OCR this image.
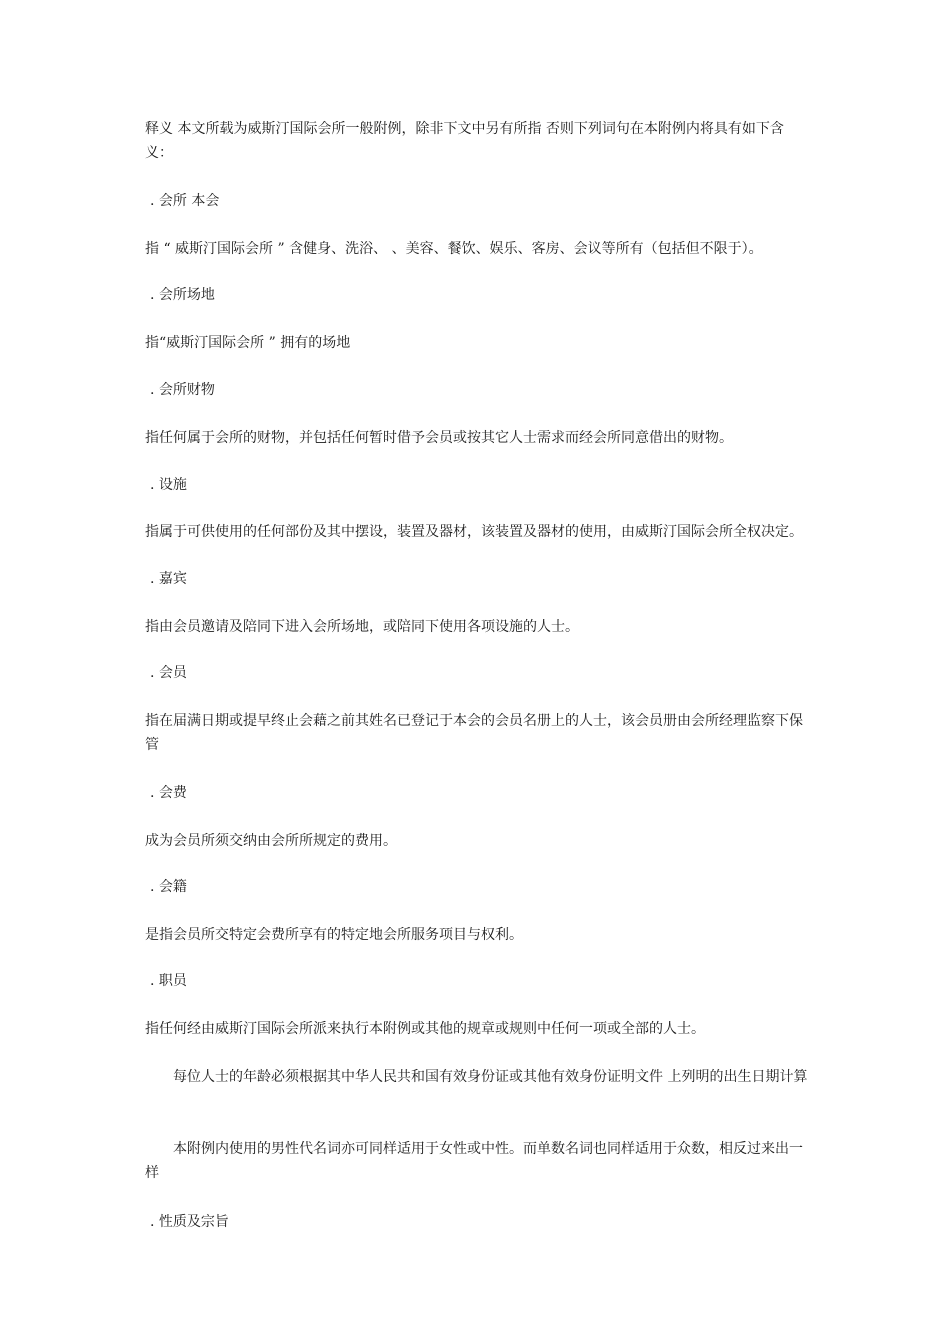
释义 本文所载为威斯汀国际会所一般附例，除非下文中另有所指 否则下列词句在本附例内将具有如下含义：
. 会所 本会
指 “ 威斯汀国际会所 ” 含健身、洗浴、 、美容、餐饮、娱乐、客房、会议等所有（包括但不限于）。
. 会所场地
指“威斯汀国际会所 ” 拥有的场地
. 会所财物
指任何属于会所的财物，并包括任何暂时借予会员或按其它人士需求而经会所同意借出的财物。
. 设施
指属于可供使用的任何部份及其中摆设，装置及器材，该装置及器材的使用，由威斯汀国际会所全权决定。
. 嘉宾
指由会员邀请及陪同下进入会所场地，或陪同下使用各项设施的人士。
. 会员
指在届满日期或提早终止会藉之前其姓名已登记于本会的会员名册上的人士，该会员册由会所经理监察下保管
. 会费
成为会员所须交纳由会所所规定的费用。
. 会籍
是指会员所交特定会费所享有的特定地会所服务项目与权利。
. 职员
指任何经由威斯汀国际会所派来执行本附例或其他的规章或规则中任何一项或全部的人士。
每位人士的年龄必须根据其中华人民共和国有效身份证或其他有效身份证明文件 上列明的出生日期计算
本附例内使用的男性代名词亦可同样适用于女性或中性。而单数名词也同样适用于众数，相反过来出一样
. 性质及宗旨
